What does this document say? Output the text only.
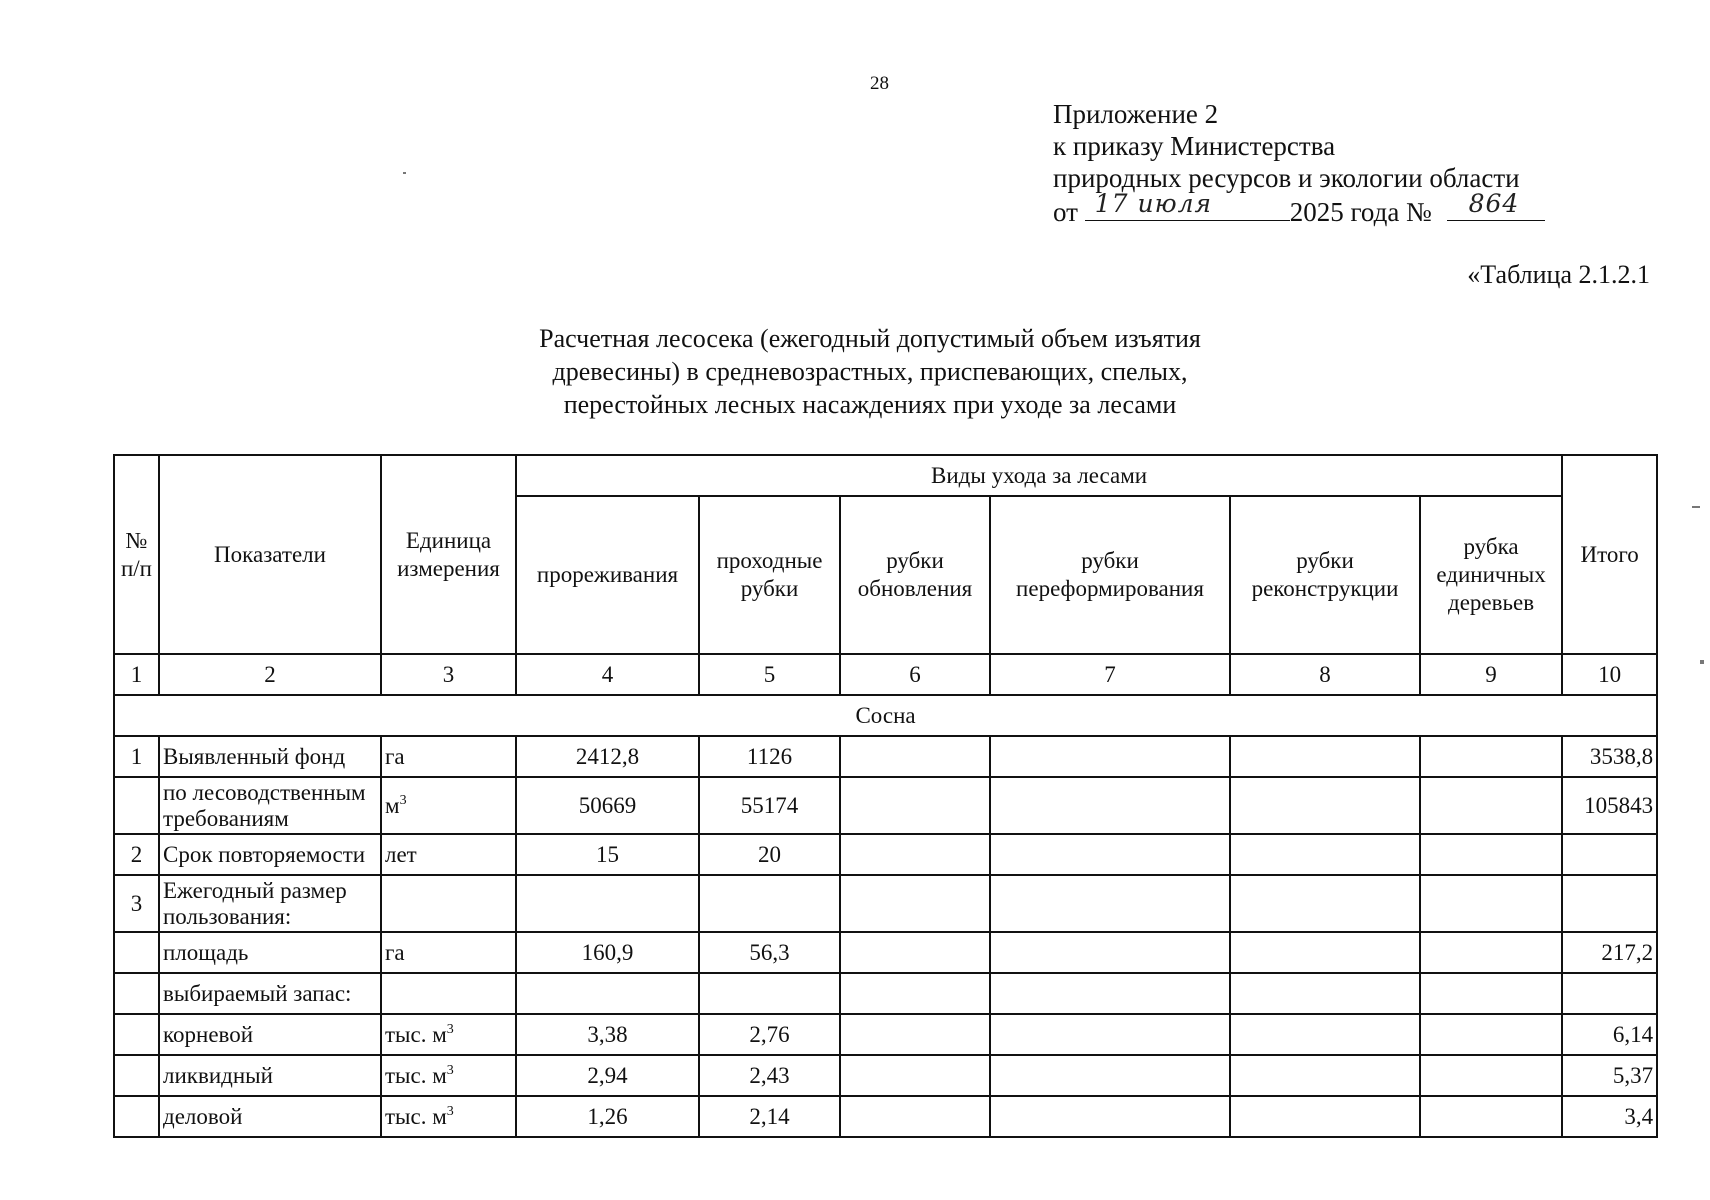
28
Приложение 2
к приказу Министерства
природных ресурсов и экологии области
от 17 июля	2025 года № 864
«Таблица 2.1.2.1
Расчетная лесосека (ежегодный допустимый объем изъятия
древесины) в средневозрастных, приспевающих, спелых,
перестойных лесных насаждениях при уходе за лесами
№ п/п	Показатели	Единица измерения	Виды ухода за лесами						Итого
			прореживания	проходные рубки	рубки обновления	рубки переформирования	рубки реконструкции	рубка единичных деревьев	
1	2	3	4	5	6	7	8	9	10
Сосна									
1	Выявленный фонд	га	2412,8	1126					3538,8
	по лесоводственным требованиям	$м^3$	50669	55174					105843
2	Срок повторяемости	лет	15	20					
3	Ежегодный размер пользования:								
	площадь	га	160,9	56,3					217,2
	выбираемый запас:								
	корневой	тыс. $м^3$	3,38	2,76					6,14
	ликвидный	тыс. $м^3$	2,94	2,43					5,37
	деловой	тыс. $м^3$	1,26	2,14					3,4
